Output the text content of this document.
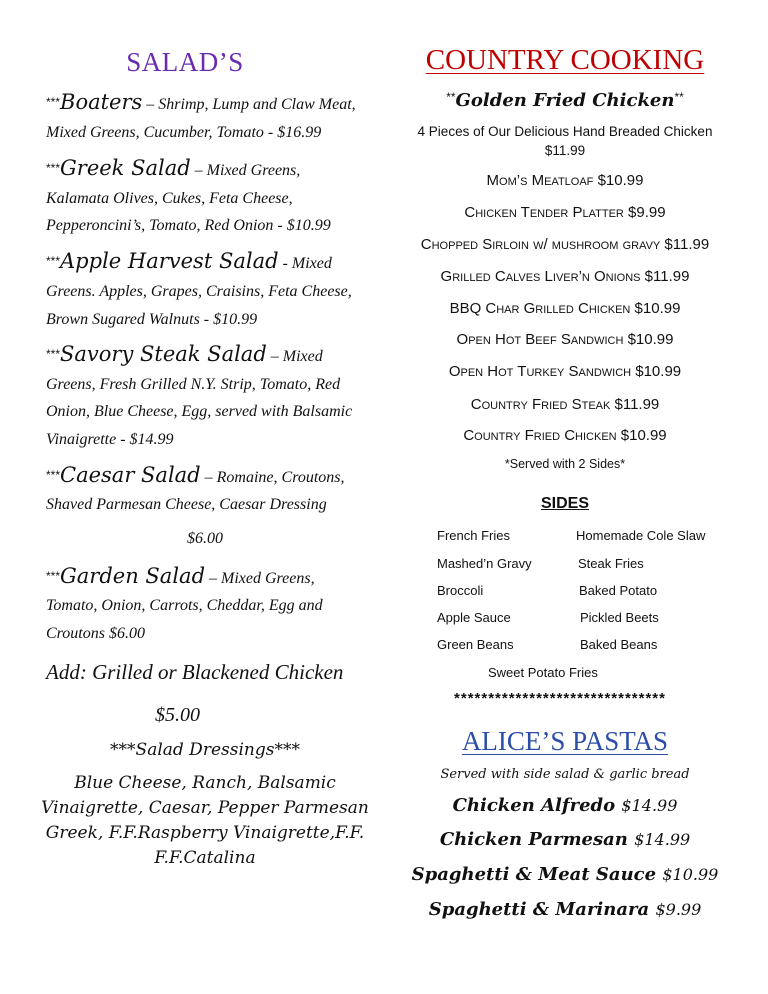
SALAD’S
***Boaters – Shrimp, Lump and Claw Meat,
Mixed Greens, Cucumber, Tomato - $16.99
***Greek Salad – Mixed Greens,
Kalamata Olives, Cukes, Feta Cheese,
Pepperoncini’s, Tomato, Red Onion - $10.99
***Apple Harvest Salad - Mixed
Greens. Apples, Grapes, Craisins, Feta Cheese,
Brown Sugared Walnuts - $10.99
***Savory Steak Salad – Mixed
Greens, Fresh Grilled N.Y. Strip, Tomato, Red
Onion, Blue Cheese, Egg, served with Balsamic
Vinaigrette - $14.99
***Caesar Salad – Romaine, Croutons,
Shaved Parmesan Cheese, Caesar Dressing
$6.00
***Garden Salad – Mixed Greens,
Tomato, Onion, Carrots, Cheddar, Egg and
Croutons $6.00
Add: Grilled or Blackened Chicken
$5.00
***Salad Dressings***
Blue Cheese, Ranch, Balsamic
Vinaigrette, Caesar, Pepper Parmesan
Greek, F.F.Raspberry Vinaigrette,F.F.
F.F.Catalina
COUNTRY COOKING
**Golden Fried Chicken**
4 Pieces of Our Delicious Hand Breaded Chicken
$11.99
Mom’s Meatloaf $10.99
Chicken Tender Platter $9.99
Chopped Sirloin w/ mushroom gravy $11.99
Grilled Calves Liver’n Onions $11.99
BBQ Char Grilled Chicken $10.99
Open Hot Beef Sandwich $10.99
Open Hot Turkey Sandwich $10.99
Country Fried Steak $11.99
Country Fried Chicken $10.99
*Served with 2 Sides*
SIDES
French Fries
Mashed’n Gravy
Broccoli
Apple Sauce
Green Beans
Homemade Cole Slaw
Steak Fries
Baked Potato
Pickled Beets
Baked Beans
Sweet Potato Fries
*******************************
ALICE’S PASTAS
Served with side salad & garlic bread
Chicken Alfredo $14.99
Chicken Parmesan $14.99
Spaghetti & Meat Sauce $10.99
Spaghetti & Marinara $9.99
